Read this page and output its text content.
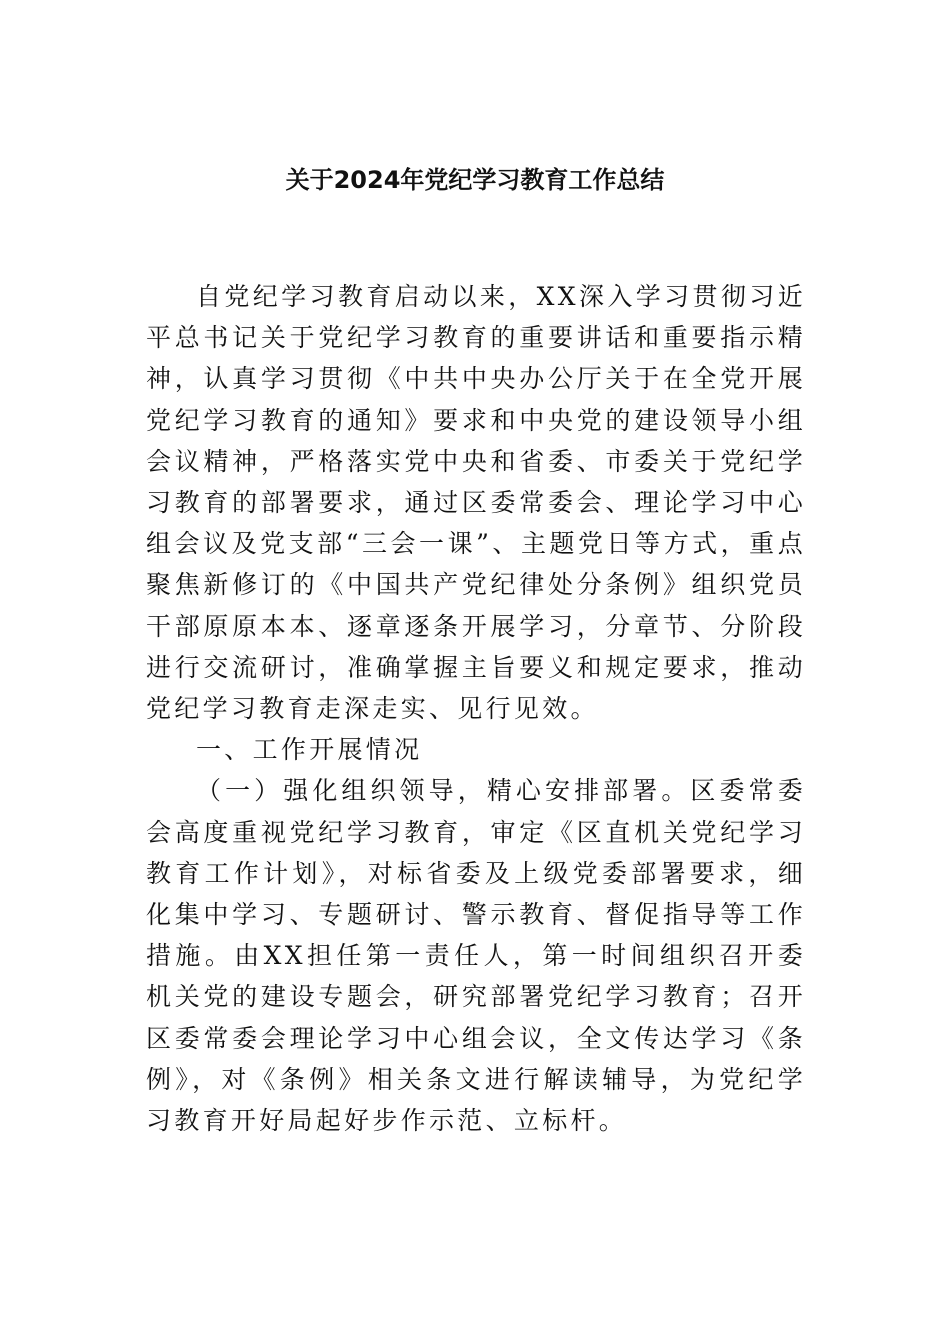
关于2024年党纪学习教育工作总结

自党纪学习教育启动以来，XX深入学习贯彻习近平总书记关于党纪学习教育的重要讲话和重要指示精神，认真学习贯彻《中共中央办公厅关于在全党开展党纪学习教育的通知》要求和中央党的建设领导小组会议精神，严格落实党中央和省委、市委关于党纪学习教育的部署要求，通过区委常委会、理论学习中心组会议及党支部“三会一课”、主题党日等方式，重点聚焦新修订的《中国共产党纪律处分条例》组织党员干部原原本本、逐章逐条开展学习，分章节、分阶段进行交流研讨，准确掌握主旨要义和规定要求，推动党纪学习教育走深走实、见行见效。

一、工作开展情况

（一）强化组织领导，精心安排部署。区委常委会高度重视党纪学习教育，审定《区直机关党纪学习教育工作计划》，对标省委及上级党委部署要求，细化集中学习、专题研讨、警示教育、督促指导等工作措施。由XX担任第一责任人，第一时间组织召开委机关党的建设专题会，研究部署党纪学习教育；召开区委常委会理论学习中心组会议，全文传达学习《条例》，对《条例》相关条文进行解读辅导，为党纪学习教育开好局起好步作示范、立标杆。
